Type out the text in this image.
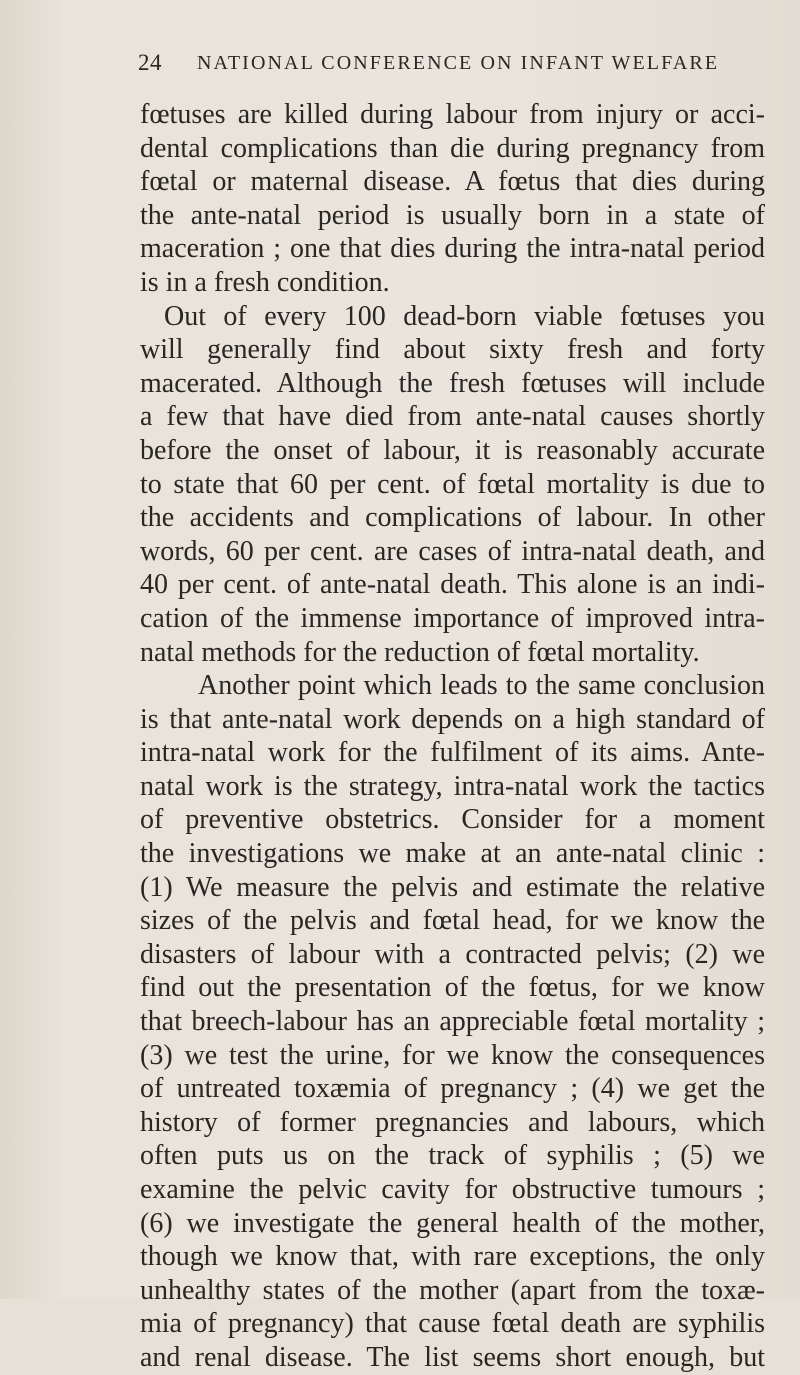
24 NATIONAL CONFERENCE ON INFANT WELFARE
fœtuses are killed during labour from injury or acci-
dental complications than die during pregnancy from
fœtal or maternal disease. A fœtus that dies during
the ante-natal period is usually born in a state of
maceration ; one that dies during the intra-natal period
is in a fresh condition.
Out of every 100 dead-born viable fœtuses you
will generally find about sixty fresh and forty
macerated. Although the fresh fœtuses will include
a few that have died from ante-natal causes shortly
before the onset of labour, it is reasonably accurate
to state that 60 per cent. of fœtal mortality is due to
the accidents and complications of labour. In other
words, 60 per cent. are cases of intra-natal death, and
40 per cent. of ante-natal death. This alone is an indi-
cation of the immense importance of improved intra-
natal methods for the reduction of fœtal mortality.
Another point which leads to the same conclusion
is that ante-natal work depends on a high standard of
intra-natal work for the fulfilment of its aims. Ante-
natal work is the strategy, intra-natal work the tactics
of preventive obstetrics. Consider for a moment
the investigations we make at an ante-natal clinic :
(1) We measure the pelvis and estimate the relative
sizes of the pelvis and fœtal head, for we know the
disasters of labour with a contracted pelvis; (2) we
find out the presentation of the fœtus, for we know
that breech-labour has an appreciable fœtal mortality ;
(3) we test the urine, for we know the consequences
of untreated toxæmia of pregnancy ; (4) we get the
history of former pregnancies and labours, which
often puts us on the track of syphilis ; (5) we
examine the pelvic cavity for obstructive tumours ;
(6) we investigate the general health of the mother,
though we know that, with rare exceptions, the only
unhealthy states of the mother (apart from the toxæ-
mia of pregnancy) that cause fœtal death are syphilis
and renal disease. The list seems short enough, but
